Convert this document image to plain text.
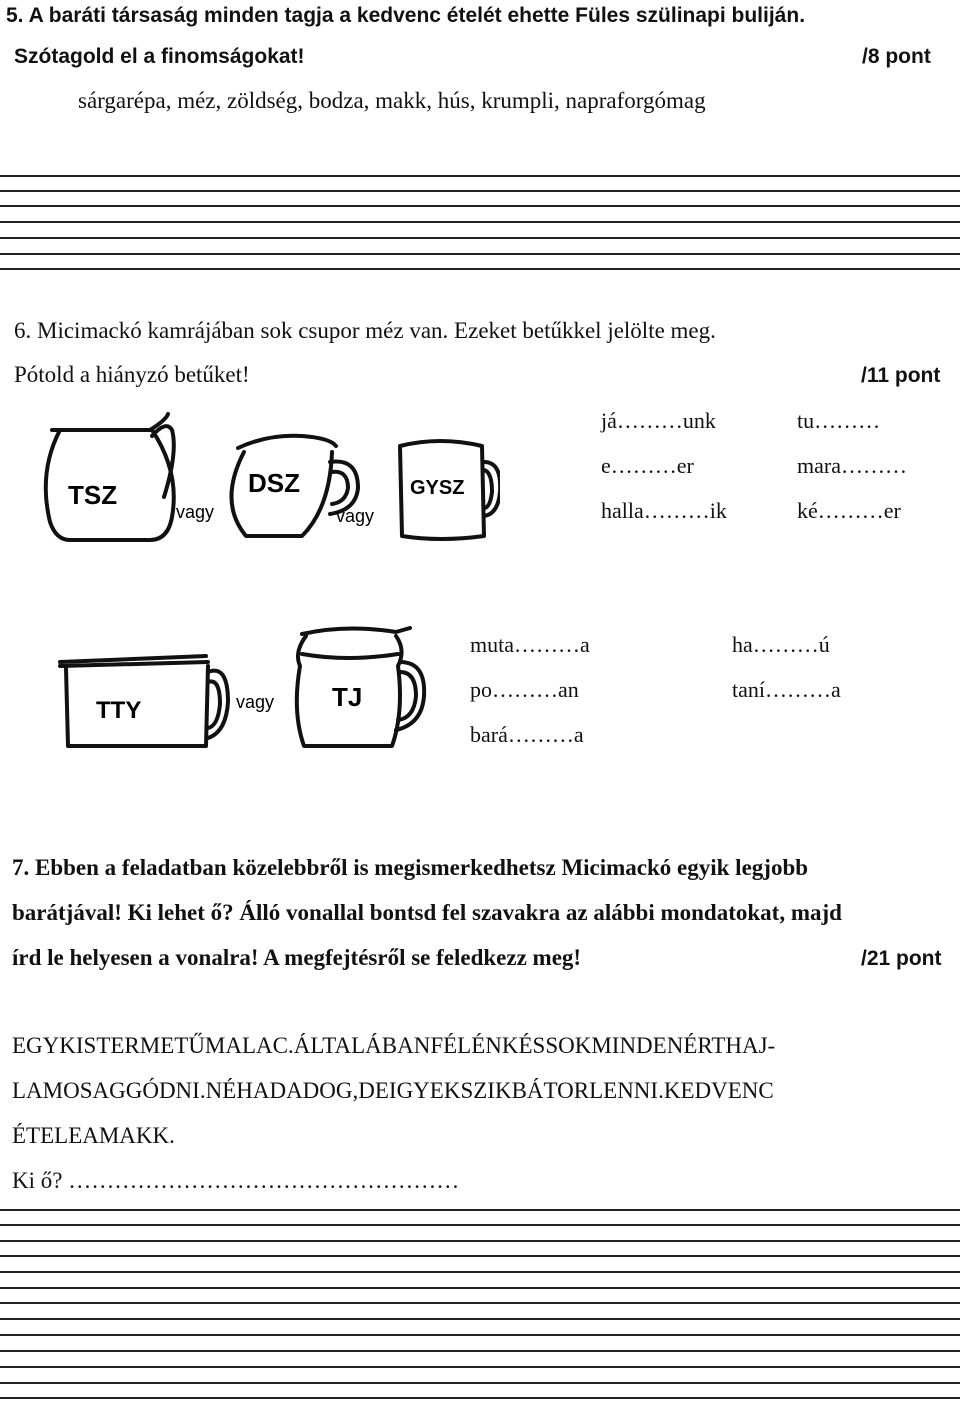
5. A baráti társaság minden tagja a kedvenc ételét ehette Füles szülinapi buliján.
Szótagold el a finomságokat!	/8 pont
sárgarépa, méz, zöldség, bodza, makk, hús, krumpli, napraforgómag
6. Micimackó kamrájában sok csupor méz van. Ezeket betűkkel jelölte meg.
Pótold a hiányzó betűket!	/11 pont
TSZ	DSZ	GYSZ
vagy	vagy
já………unk	tu………
e………er	mara………
halla………ik	ké………er
TTY	TJ
vagy
muta………a	ha………ú
po………an	taní………a
bará………a
7. Ebben a feladatban közelebbről is megismerkedhetsz Micimackó egyik legjobb
barátjával! Ki lehet ő? Álló vonallal bontsd fel szavakra az alábbi mondatokat, majd
írd le helyesen a vonalra! A megfejtésről se feledkezz meg!	/21 pont
EGYKISTERMETŰMALAC.ÁLTALÁBANFÉLÉNKÉSSOKMINDENÉRTHAJ-
LAMOSAGGÓDNI.NÉHADADOG,DEIGYEKSZIKBÁTORLENNI.KEDVENC
ÉTELEAMAKK.
Ki ő? ……………………………………………
